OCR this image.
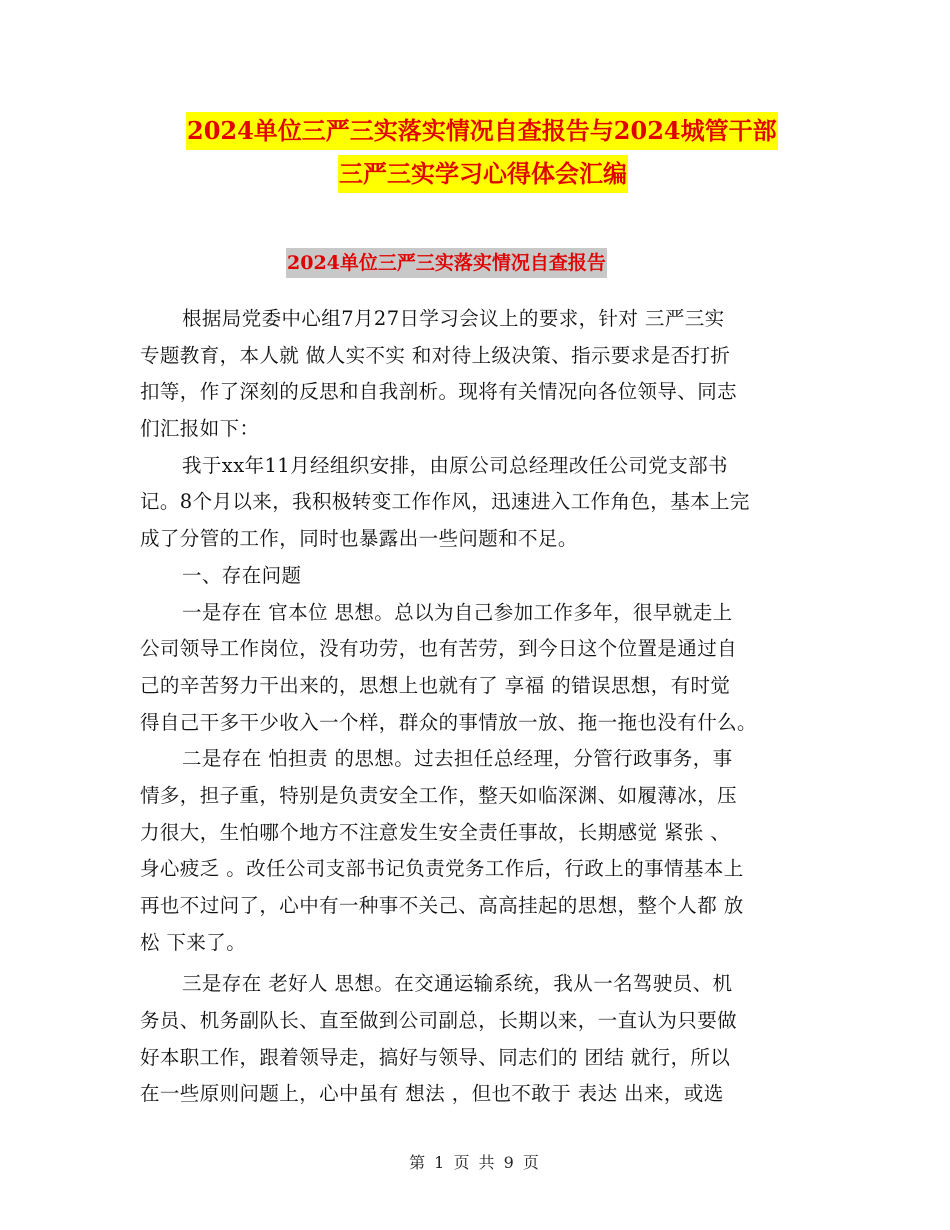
2024单位三严三实落实情况自查报告与2024城管干部
三严三实学习心得体会汇编
2024单位三严三实落实情况自查报告
根据局党委中心组7月27日学习会议上的要求，针对 三严三实
专题教育，本人就 做人实不实 和对待上级决策、指示要求是否打折
扣等，作了深刻的反思和自我剖析。现将有关情况向各位领导、同志
们汇报如下：
我于xx年11月经组织安排，由原公司总经理改任公司党支部书
记。8个月以来，我积极转变工作作风，迅速进入工作角色，基本上完
成了分管的工作，同时也暴露出一些问题和不足。
一、存在问题
一是存在 官本位 思想。总以为自己参加工作多年，很早就走上
公司领导工作岗位，没有功劳，也有苦劳，到今日这个位置是通过自
己的辛苦努力干出来的，思想上也就有了 享福 的错误思想，有时觉
得自己干多干少收入一个样，群众的事情放一放、拖一拖也没有什么。
二是存在 怕担责 的思想。过去担任总经理，分管行政事务，事
情多，担子重，特别是负责安全工作，整天如临深渊、如履薄冰，压
力很大，生怕哪个地方不注意发生安全责任事故，长期感觉 紧张 、
身心疲乏 。改任公司支部书记负责党务工作后，行政上的事情基本上
再也不过问了，心中有一种事不关己、高高挂起的思想，整个人都 放
松 下来了。
三是存在 老好人 思想。在交通运输系统，我从一名驾驶员、机
务员、机务副队长、直至做到公司副总，长期以来，一直认为只要做
好本职工作，跟着领导走，搞好与领导、同志们的 团结 就行，所以
在一些原则问题上，心中虽有 想法 ，但也不敢于 表达 出来，或选
第 1 页 共 9 页
